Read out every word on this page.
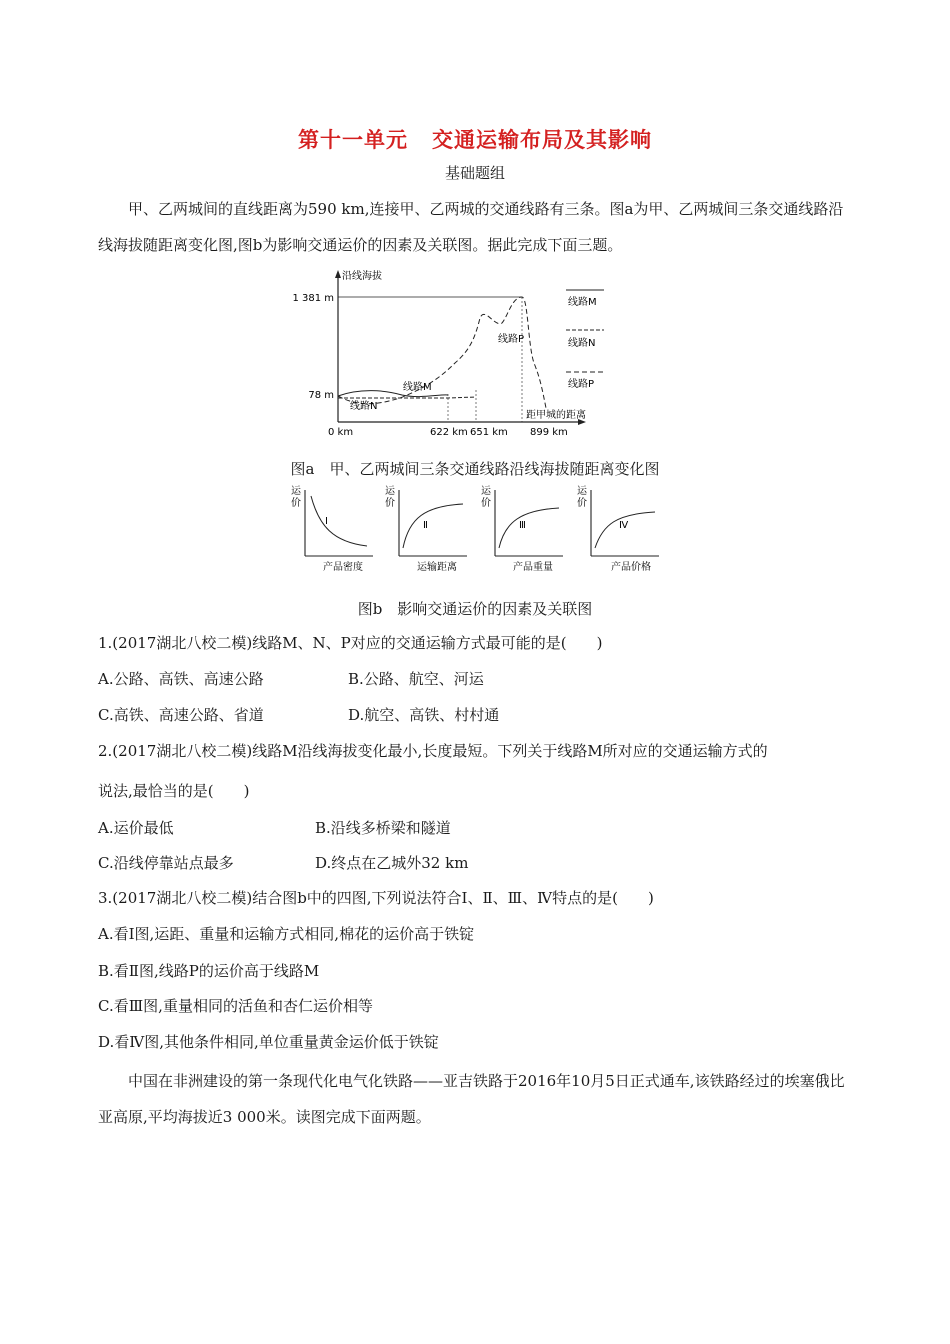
第十一单元 交通运输布局及其影响
基础题组
甲、乙两城间的直线距离为590 km,连接甲、乙两城的交通线路有三条。图a为甲、乙两城间三条交通线路沿线海拔随距离变化图,图b为影响交通运价的因素及关联图。据此完成下面三题。
沿线海拔
1 381 m
78 m
距甲城的距离
0 km	622 km 651 km 899 km
线路M
线路N
线路P
线路M
线路N
线路P
图a　甲、乙两城间三条交通线路沿线海拔随距离变化图
运
价
Ⅰ
产品密度
运
价
Ⅱ
运输距离
运
价
Ⅲ
产品重量
运
价
Ⅳ
产品价格
图b　影响交通运价的因素及关联图
1.(2017湖北八校二模)线路M、N、P对应的交通运输方式最可能的是(　　)
A.公路、高铁、高速公路	B.公路、航空、河运
C.高铁、高速公路、省道	D.航空、高铁、村村通
2.(2017湖北八校二模)线路M沿线海拔变化最小,长度最短。下列关于线路M所对应的交通运输方式的
说法,最恰当的是(　　)
A.运价最低	B.沿线多桥梁和隧道
C.沿线停靠站点最多	D.终点在乙城外32 km
3.(2017湖北八校二模)结合图b中的四图,下列说法符合Ⅰ、Ⅱ、Ⅲ、Ⅳ特点的是(　　)
A.看Ⅰ图,运距、重量和运输方式相同,棉花的运价高于铁锭
B.看Ⅱ图,线路P的运价高于线路M
C.看Ⅲ图,重量相同的活鱼和杏仁运价相等
D.看Ⅳ图,其他条件相同,单位重量黄金运价低于铁锭
中国在非洲建设的第一条现代化电气化铁路——亚吉铁路于2016年10月5日正式通车,该铁路经过的埃塞俄比亚高原,平均海拔近3 000米。读图完成下面两题。
